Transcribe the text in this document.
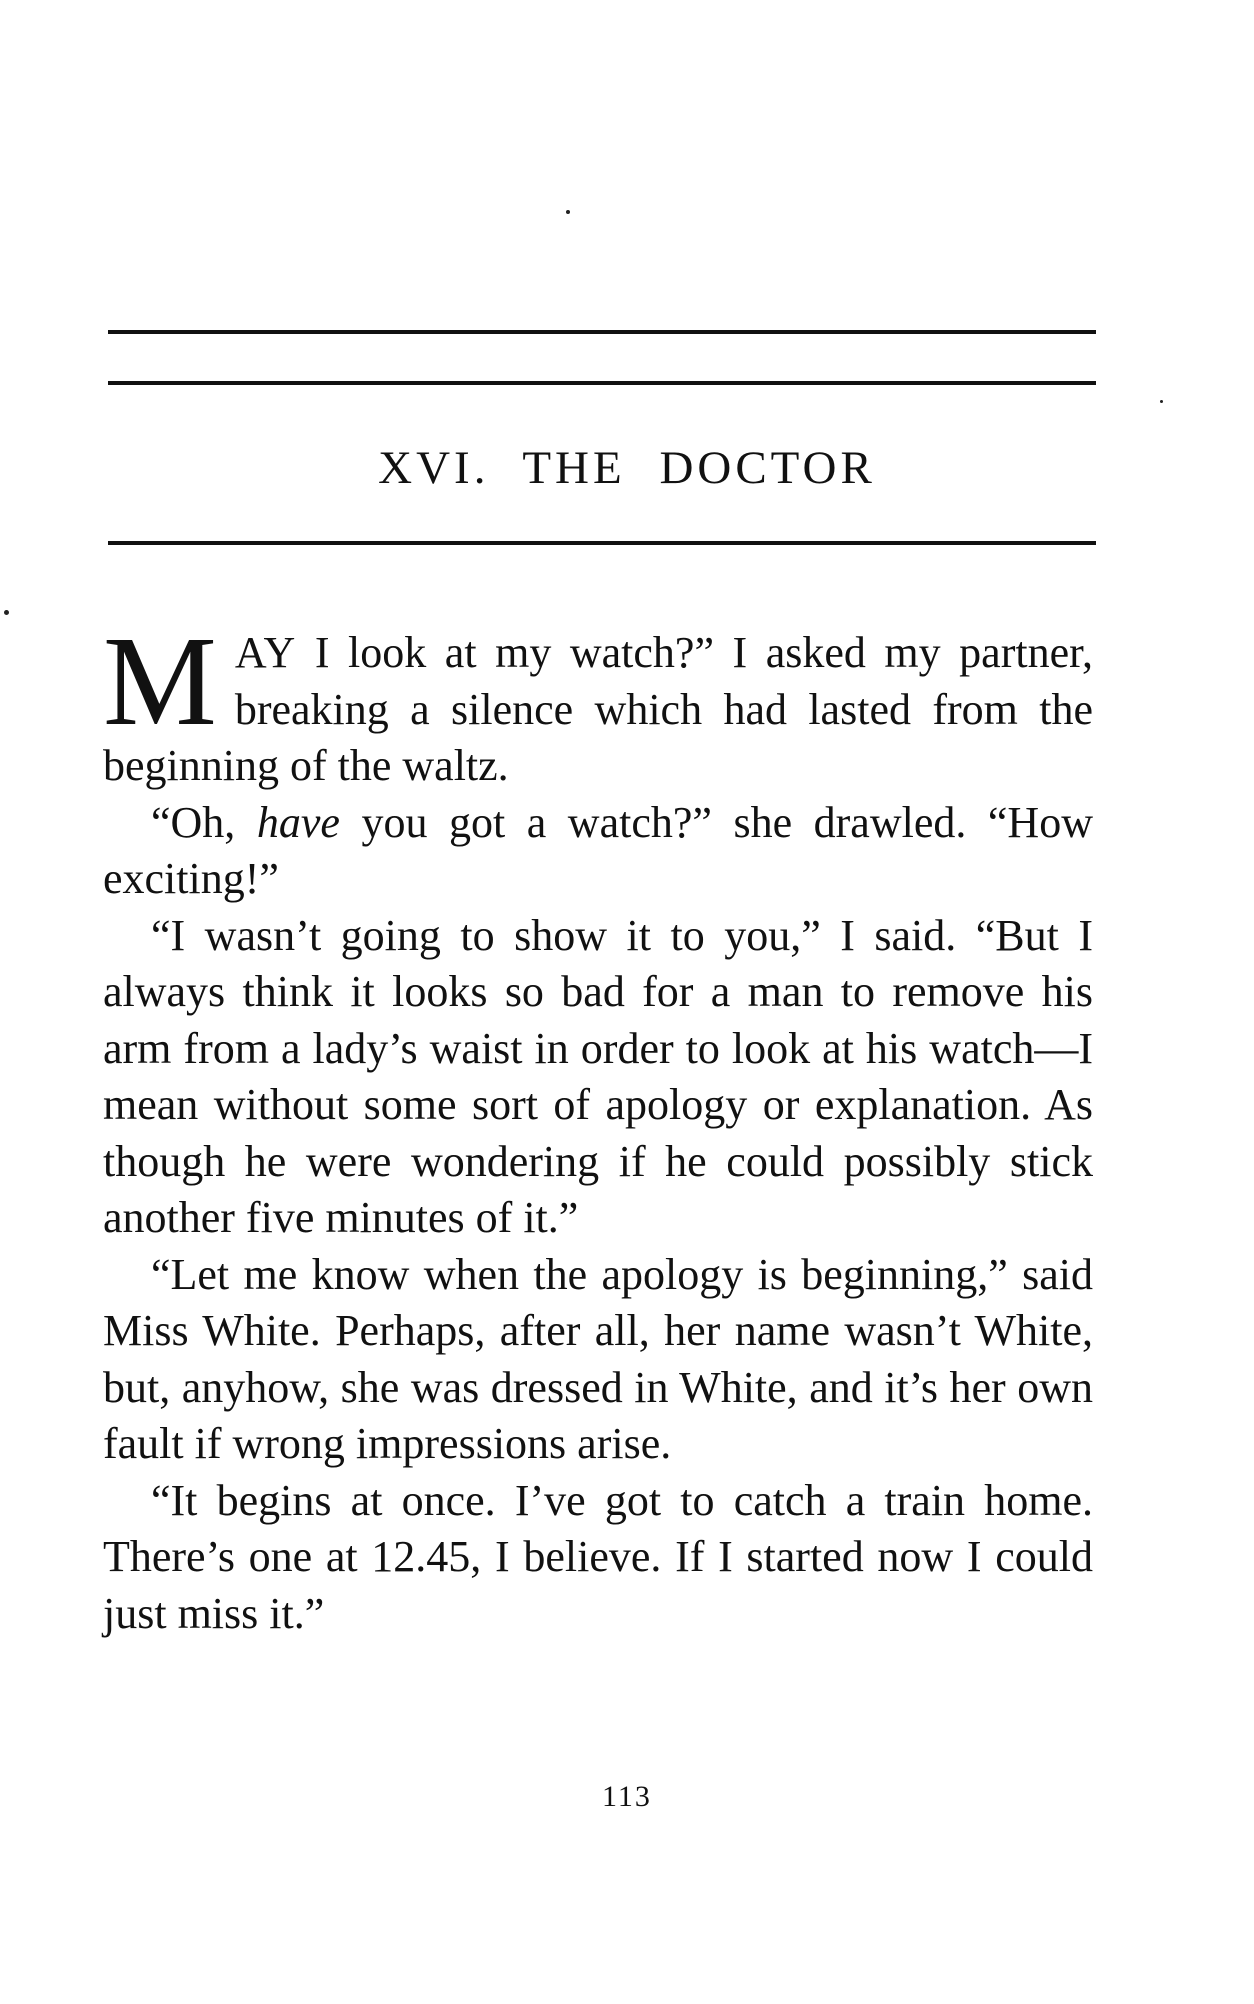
XVI. THE DOCTOR

MAY I look at my watch?” I asked my partner, breaking a silence which had lasted from the beginning of the waltz.

“Oh, have you got a watch?” she drawled. “How exciting!”

“I wasn’t going to show it to you,” I said. “But I always think it looks so bad for a man to remove his arm from a lady’s waist in order to look at his watch—I mean without some sort of apology or explanation. As though he were wondering if he could possibly stick another five minutes of it.”

“Let me know when the apology is beginning,” said Miss White. Perhaps, after all, her name wasn’t White, but, anyhow, she was dressed in White, and it’s her own fault if wrong impressions arise.

“It begins at once. I’ve got to catch a train home. There’s one at 12.45, I believe. If I started now I could just miss it.”

113
